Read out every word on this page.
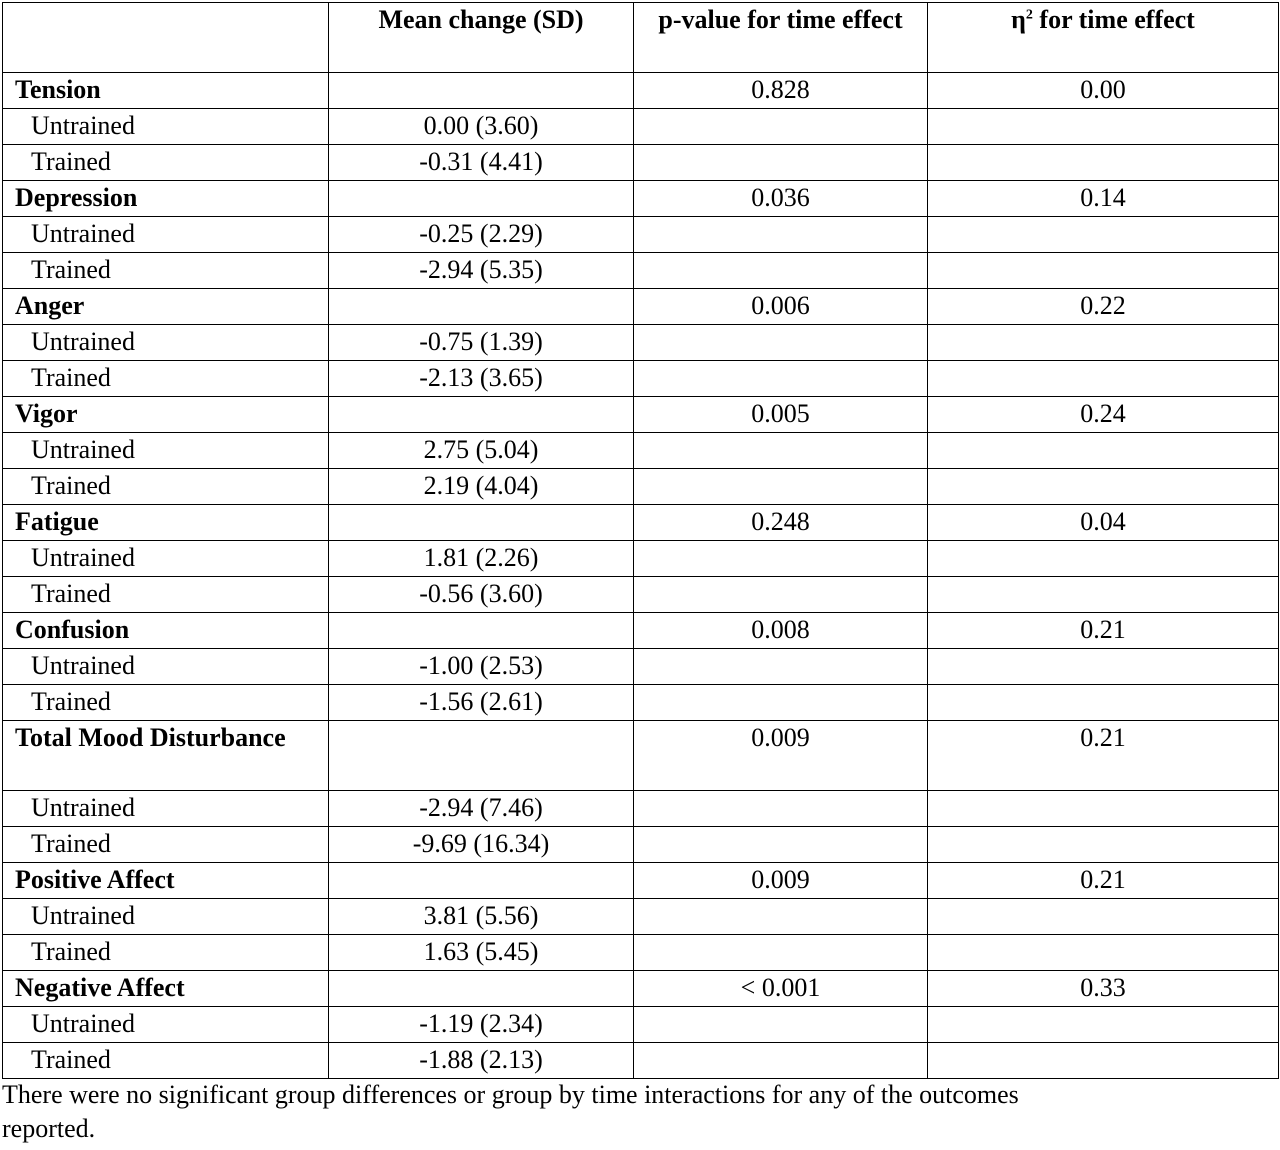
	Mean change (SD)	p-value for time effect	$\eta^2$ for time effect
Tension		0.828	0.00
Untrained	0.00 (3.60)		
Trained	-0.31 (4.41)		
Depression		0.036	0.14
Untrained	-0.25 (2.29)		
Trained	-2.94 (5.35)		
Anger		0.006	0.22
Untrained	-0.75 (1.39)		
Trained	-2.13 (3.65)		
Vigor		0.005	0.24
Untrained	2.75 (5.04)		
Trained	2.19 (4.04)		
Fatigue		0.248	0.04
Untrained	1.81 (2.26)		
Trained	-0.56 (3.60)		
Confusion		0.008	0.21
Untrained	-1.00 (2.53)		
Trained	-1.56 (2.61)		
Total Mood Disturbance		0.009	0.21
Untrained	-2.94 (7.46)		
Trained	-9.69 (16.34)		
Positive Affect		0.009	0.21
Untrained	3.81 (5.56)		
Trained	1.63 (5.45)		
Negative Affect		< 0.001	0.33
Untrained	-1.19 (2.34)		
Trained	-1.88 (2.13)		
There were no significant group differences or group by time interactions for any of the outcomes reported.
